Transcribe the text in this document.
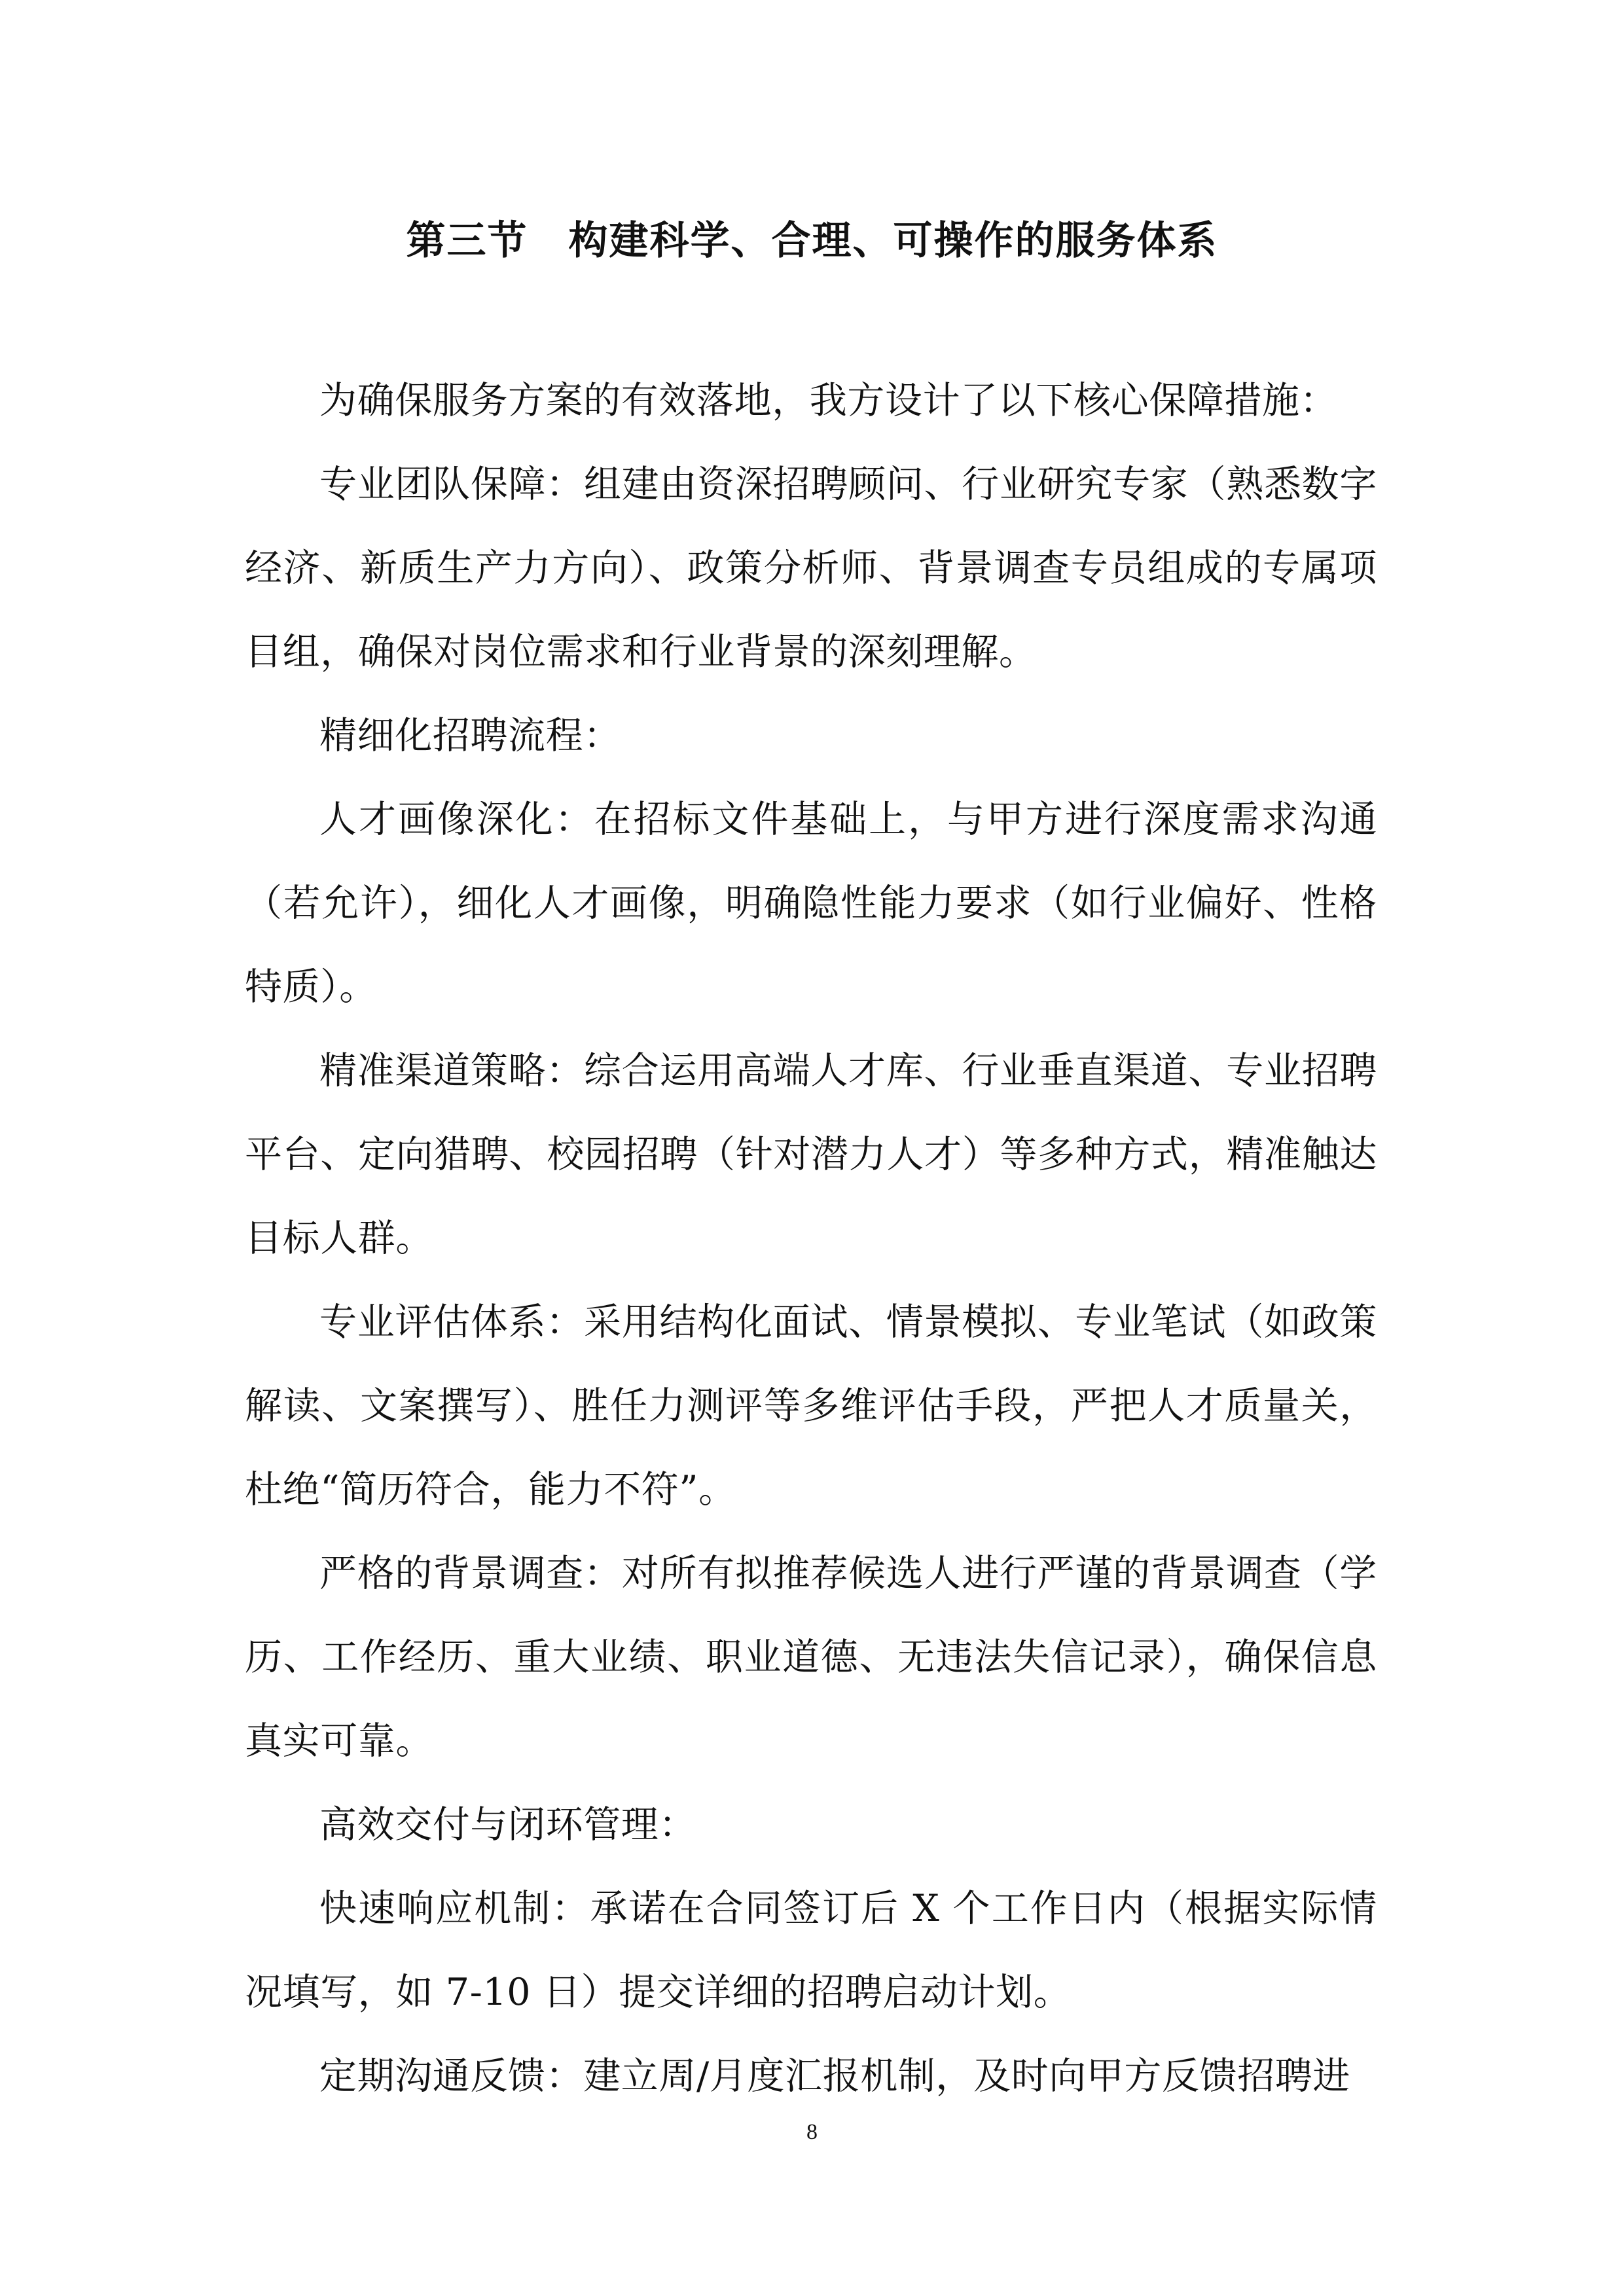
第三节　构建科学、合理、可操作的服务体系

为确保服务方案的有效落地，我方设计了以下核心保障措施：

专业团队保障：组建由资深招聘顾问、行业研究专家（熟悉数字经济、新质生产力方向）、政策分析师、背景调查专员组成的专属项目组，确保对岗位需求和行业背景的深刻理解。

精细化招聘流程：

人才画像深化：在招标文件基础上，与甲方进行深度需求沟通（若允许），细化人才画像，明确隐性能力要求（如行业偏好、性格特质）。

精准渠道策略：综合运用高端人才库、行业垂直渠道、专业招聘平台、定向猎聘、校园招聘（针对潜力人才）等多种方式，精准触达目标人群。

专业评估体系：采用结构化面试、情景模拟、专业笔试（如政策解读、文案撰写）、胜任力测评等多维评估手段，严把人才质量关，杜绝“简历符合，能力不符”。

严格的背景调查：对所有拟推荐候选人进行严谨的背景调查（学历、工作经历、重大业绩、职业道德、无违法失信记录），确保信息真实可靠。

高效交付与闭环管理：

快速响应机制：承诺在合同签订后 X 个工作日内（根据实际情况填写，如 7-10 日）提交详细的招聘启动计划。

定期沟通反馈：建立周/月度汇报机制，及时向甲方反馈招聘进

8
